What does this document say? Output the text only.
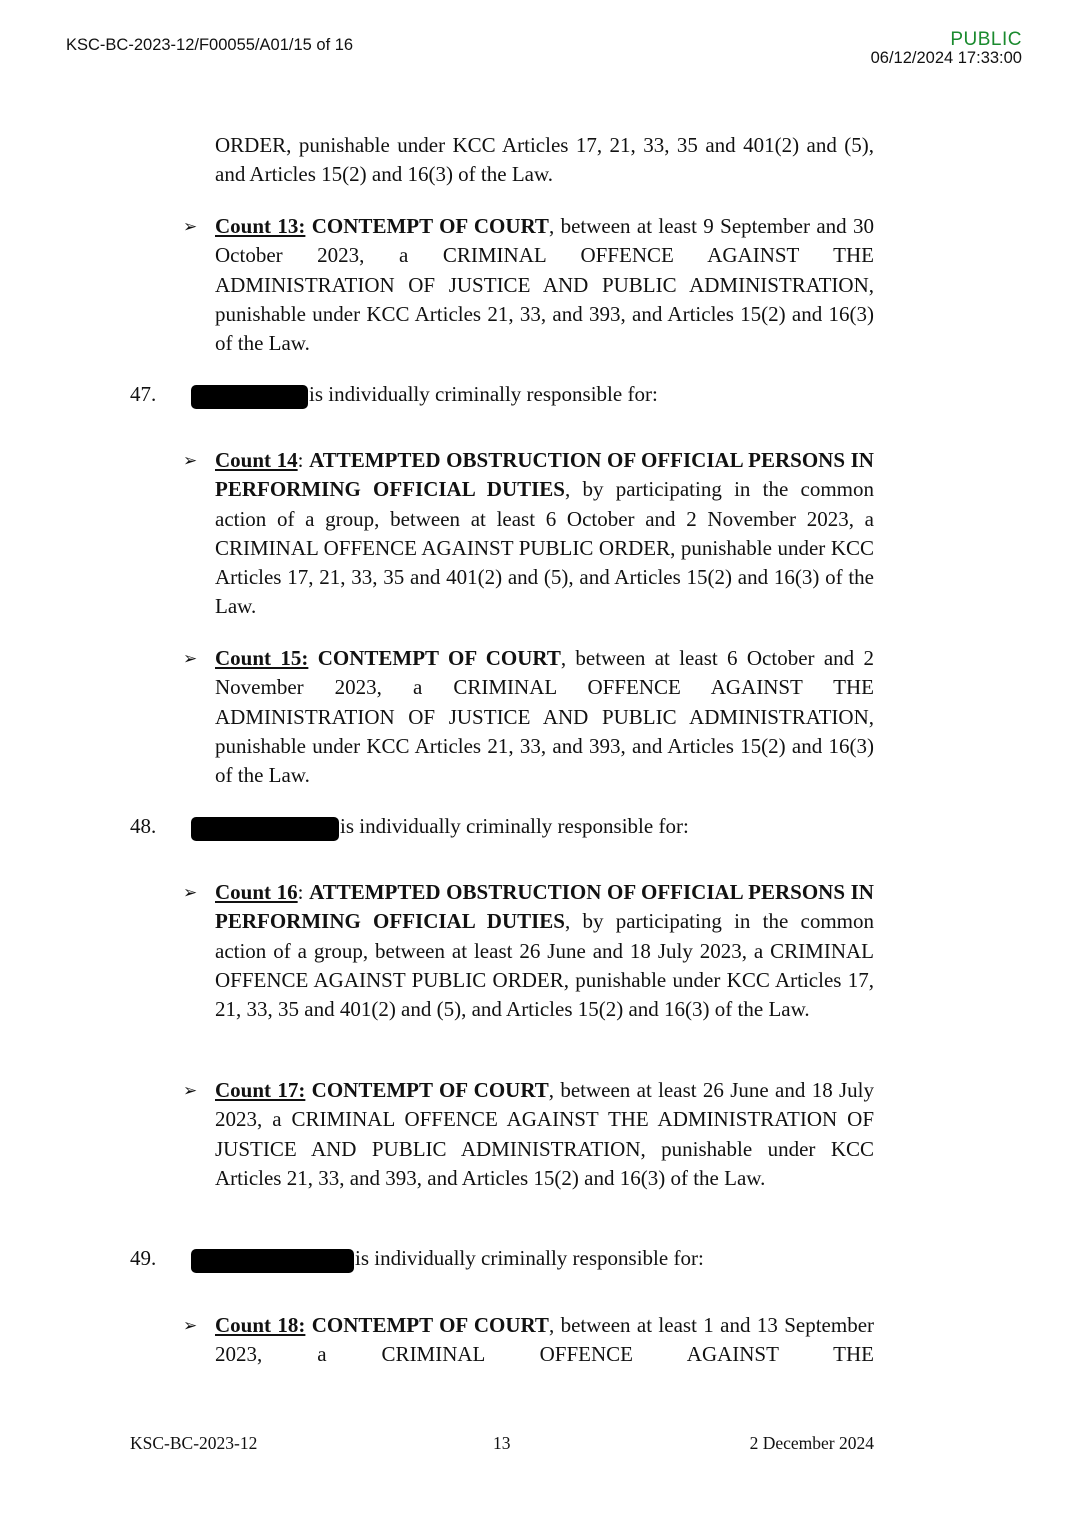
KSC-BC-2023-12/F00055/A01/15 of 16	PUBLIC
06/12/2024 17:33:00
ORDER, punishable under KCC Articles 17, 21, 33, 35 and 401(2) and (5), and Articles 15(2) and 16(3) of the Law.
➢ Count 13: CONTEMPT OF COURT, between at least 9 September and 30 October 2023, a CRIMINAL OFFENCE AGAINST THE ADMINISTRATION OF JUSTICE AND PUBLIC ADMINISTRATION, punishable under KCC Articles 21, 33, and 393, and Articles 15(2) and 16(3) of the Law.
47.	is individually criminally responsible for:
➢ Count 14: ATTEMPTED OBSTRUCTION OF OFFICIAL PERSONS IN PERFORMING OFFICIAL DUTIES, by participating in the common action of a group, between at least 6 October and 2 November 2023, a CRIMINAL OFFENCE AGAINST PUBLIC ORDER, punishable under KCC Articles 17, 21, 33, 35 and 401(2) and (5), and Articles 15(2) and 16(3) of the Law.
➢ Count 15: CONTEMPT OF COURT, between at least 6 October and 2 November 2023, a CRIMINAL OFFENCE AGAINST THE ADMINISTRATION OF JUSTICE AND PUBLIC ADMINISTRATION, punishable under KCC Articles 21, 33, and 393, and Articles 15(2) and 16(3) of the Law.
48.	is individually criminally responsible for:
➢ Count 16: ATTEMPTED OBSTRUCTION OF OFFICIAL PERSONS IN PERFORMING OFFICIAL DUTIES, by participating in the common action of a group, between at least 26 June and 18 July 2023, a CRIMINAL OFFENCE AGAINST PUBLIC ORDER, punishable under KCC Articles 17, 21, 33, 35 and 401(2) and (5), and Articles 15(2) and 16(3) of the Law.
➢ Count 17: CONTEMPT OF COURT, between at least 26 June and 18 July 2023, a CRIMINAL OFFENCE AGAINST THE ADMINISTRATION OF JUSTICE AND PUBLIC ADMINISTRATION, punishable under KCC Articles 21, 33, and 393, and Articles 15(2) and 16(3) of the Law.
49.	is individually criminally responsible for:
➢ Count 18: CONTEMPT OF COURT, between at least 1 and 13 September 2023, a CRIMINAL OFFENCE AGAINST THE
KSC-BC-2023-12	13	2 December 2024
